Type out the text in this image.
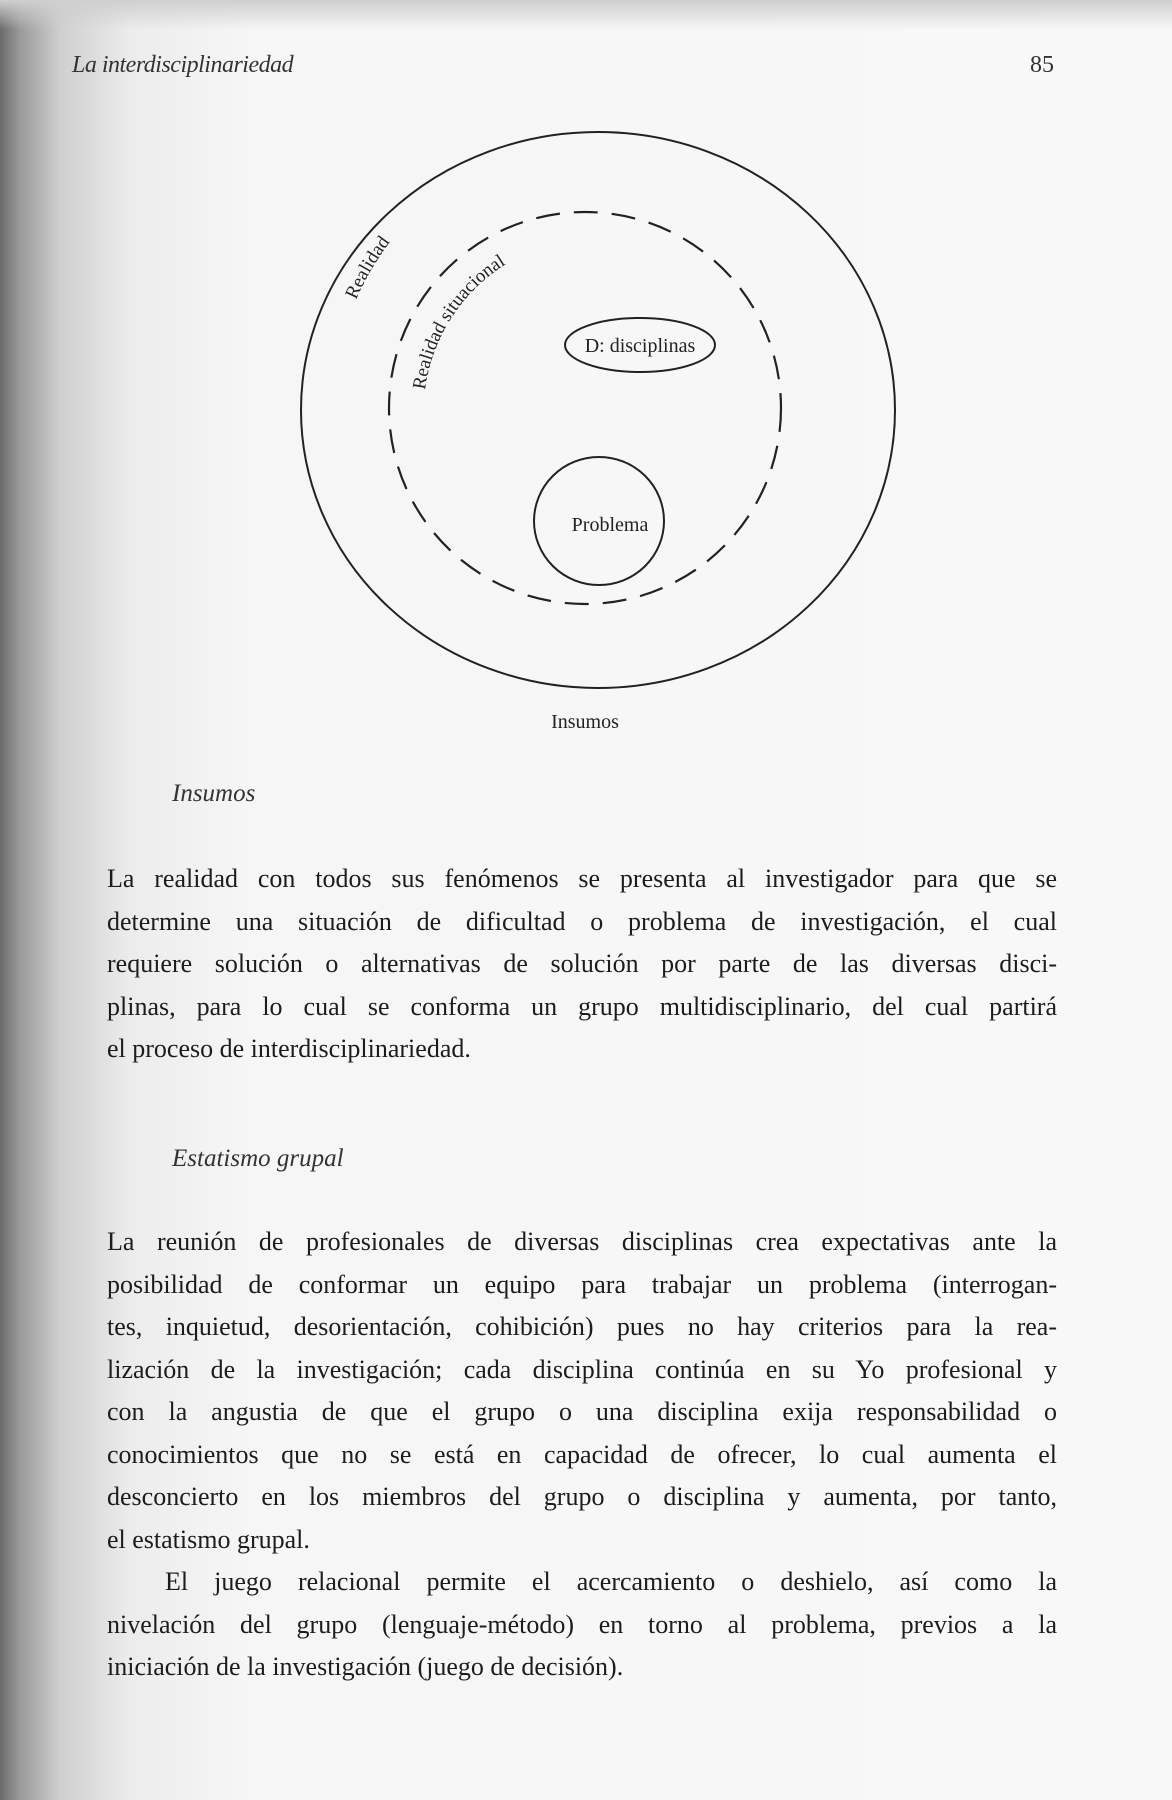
La interdisciplinariedad	85
Realidad
Realidad situacional
D: disciplinas
Problema
Insumos
Insumos
La realidad con todos sus fenómenos se presenta al investigador para que se
determine una situación de dificultad o problema de investigación, el cual
requiere solución o alternativas de solución por parte de las diversas disci-
plinas, para lo cual se conforma un grupo multidisciplinario, del cual partirá
el proceso de interdisciplinariedad.
Estatismo grupal
La reunión de profesionales de diversas disciplinas crea expectativas ante la
posibilidad de conformar un equipo para trabajar un problema (interrogan-
tes, inquietud, desorientación, cohibición) pues no hay criterios para la rea-
lización de la investigación; cada disciplina continúa en su Yo profesional y
con la angustia de que el grupo o una disciplina exija responsabilidad o
conocimientos que no se está en capacidad de ofrecer, lo cual aumenta el
desconcierto en los miembros del grupo o disciplina y aumenta, por tanto,
el estatismo grupal.
El juego relacional permite el acercamiento o deshielo, así como la
nivelación del grupo (lenguaje-método) en torno al problema, previos a la
iniciación de la investigación (juego de decisión).
